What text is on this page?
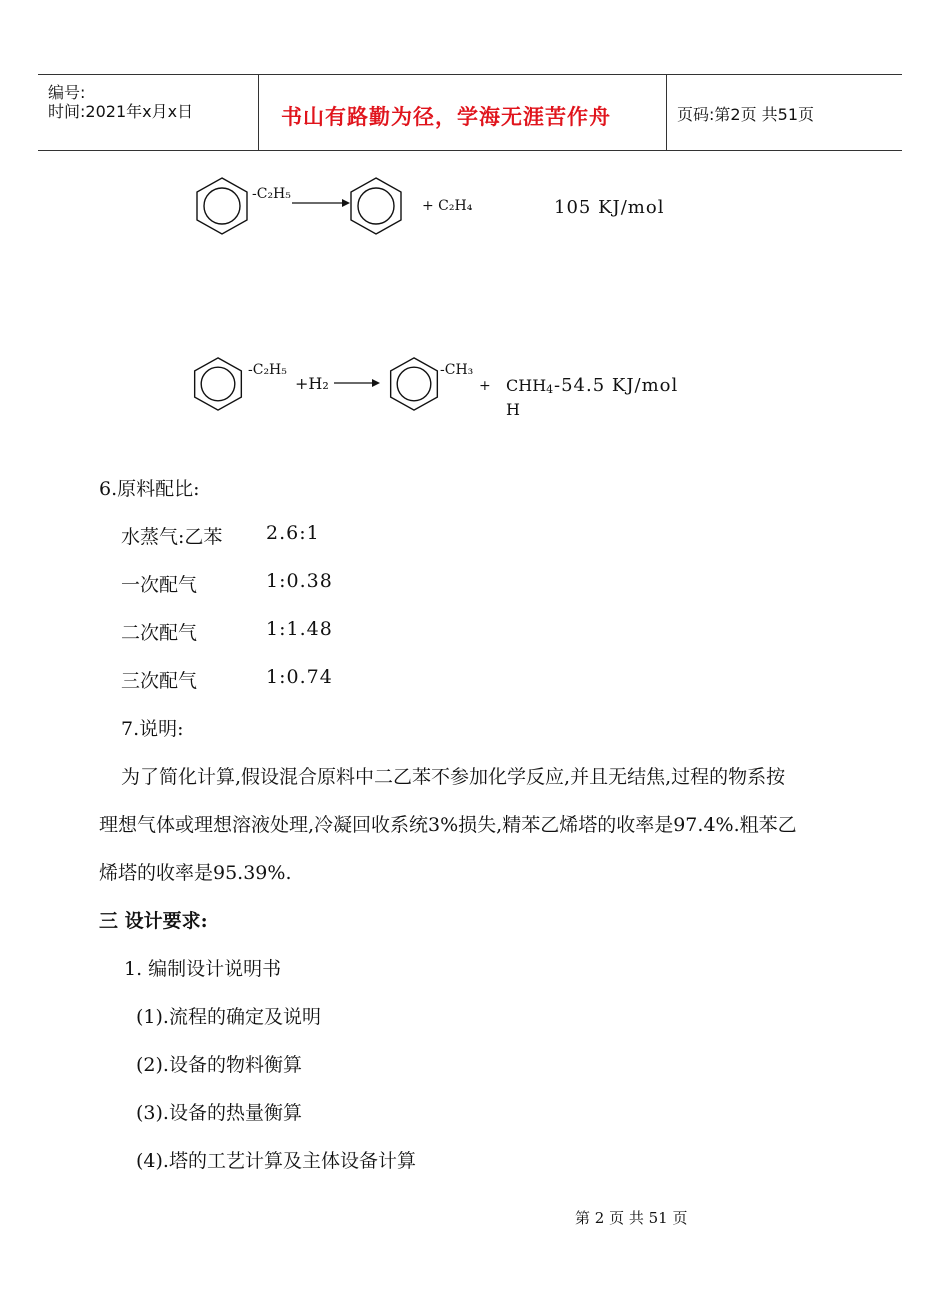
编号:
时间:2021年x月x日	书山有路勤为径，学海无涯苦作舟	页码:第2页 共51页
-C₂H₅
+ C₂H₄	105 KJ/mol
-C₂H₅
+H₂ →
-CH₃
+ CHH4
H
-54.5 KJ/mol
6.原料配比:
水蒸气:乙苯 2.6:1
一次配气	1:0.38
二次配气	1:1.48
三次配气	1:0.74
7.说明:
为了简化计算,假设混合原料中二乙苯不参加化学反应,并且无结焦,过程的物系按
理想气体或理想溶液处理,冷凝回收系统3%损失,精苯乙烯塔的收率是97.4%.粗苯乙
烯塔的收率是95.39%.
三 设计要求:
1. 编制设计说明书
(1).流程的确定及说明
(2).设备的物料衡算
(3).设备的热量衡算
(4).塔的工艺计算及主体设备计算
第 2 页 共 51 页
